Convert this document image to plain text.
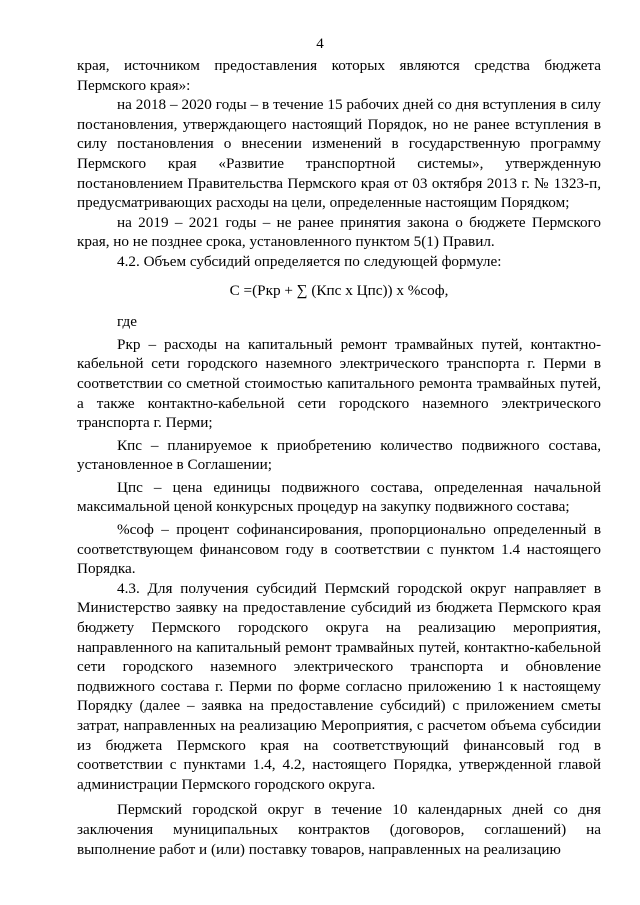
4

края, источником предоставления которых являются средства бюджета Пермского края»:

на 2018 – 2020 годы – в течение 15 рабочих дней со дня вступления в силу постановления, утверждающего настоящий Порядок, но не ранее вступления в силу постановления о внесении изменений в государственную программу Пермского края «Развитие транспортной системы», утвержденную постановлением Правительства Пермского края от 03 октября 2013 г. № 1323-п, предусматривающих расходы на цели, определенные настоящим Порядком;

на 2019 – 2021 годы – не ранее принятия закона о бюджете Пермского края, но не позднее срока, установленного пунктом 5(1) Правил.

4.2. Объем субсидий определяется по следующей формуле:

С =(Ркр + ∑ (Кпс x Цпс)) x %соф,

где

Ркр – расходы на капитальный ремонт трамвайных путей, контактно-кабельной сети городского наземного электрического транспорта г. Перми в соответствии со сметной стоимостью капитального ремонта трамвайных путей, а также контактно-кабельной сети городского наземного электрического транспорта г. Перми;

Кпс – планируемое к приобретению количество подвижного состава, установленное в Соглашении;

Цпс – цена единицы подвижного состава, определенная начальной максимальной ценой конкурсных процедур на закупку подвижного состава;

%соф – процент софинансирования, пропорционально определенный в соответствующем финансовом году в соответствии с пунктом 1.4 настоящего Порядка.

4.3. Для получения субсидий Пермский городской округ направляет в Министерство заявку на предоставление субсидий из бюджета Пермского края бюджету Пермского городского округа на реализацию мероприятия, направленного на капитальный ремонт трамвайных путей, контактно-кабельной сети городского наземного электрического транспорта и обновление подвижного состава г. Перми по форме согласно приложению 1 к настоящему Порядку (далее – заявка на предоставление субсидий) с приложением сметы затрат, направленных на реализацию Мероприятия, с расчетом объема субсидии из бюджета Пермского края на соответствующий финансовый год в соответствии с пунктами 1.4, 4.2, настоящего Порядка, утвержденной главой администрации Пермского городского округа.

Пермский городской округ в течение 10 календарных дней со дня заключения муниципальных контрактов (договоров, соглашений) на выполнение работ и (или) поставку товаров, направленных на реализацию
